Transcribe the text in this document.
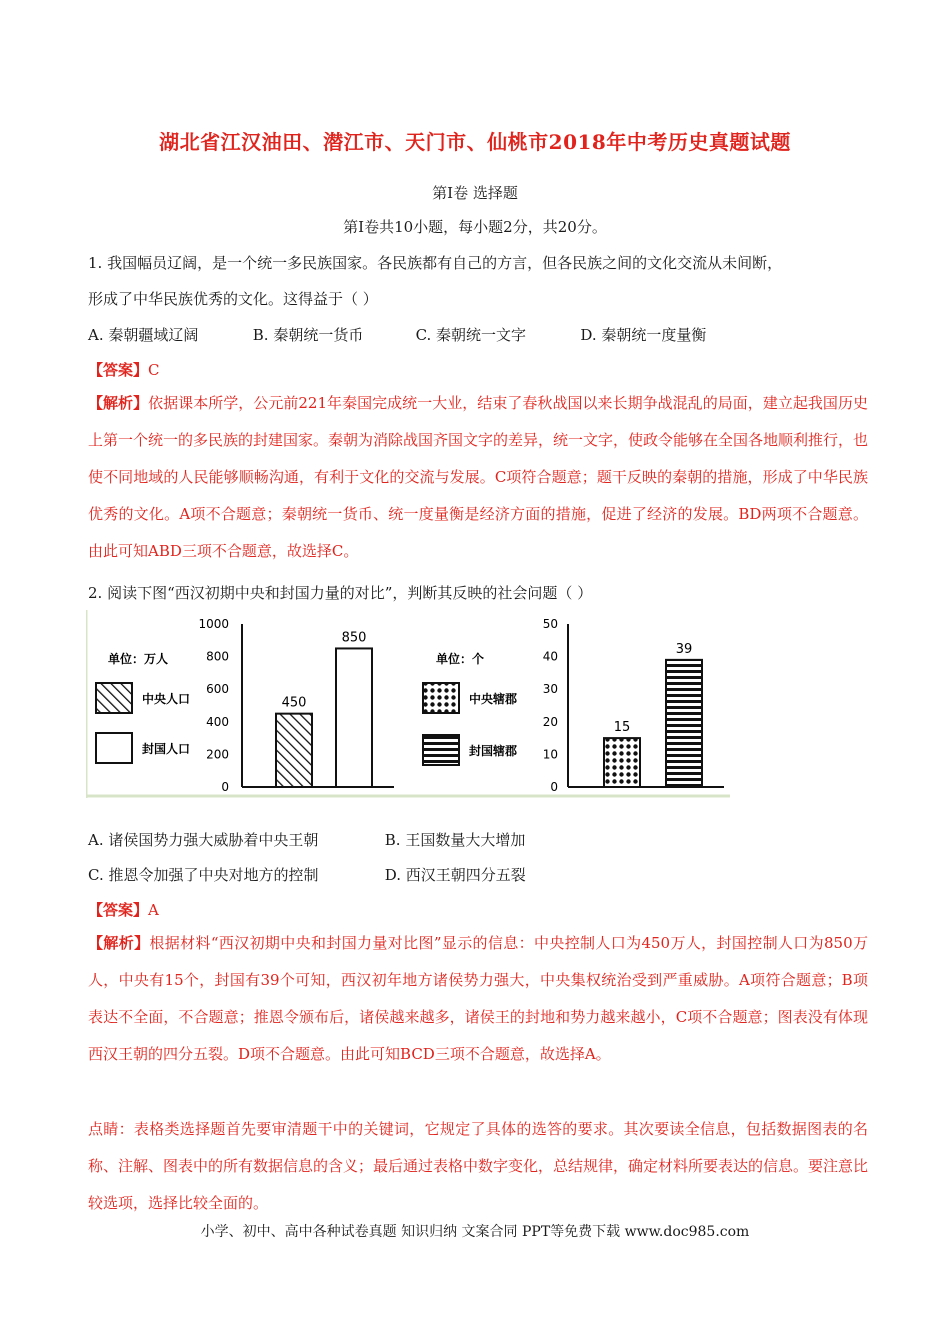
湖北省江汉油田、潜江市、天门市、仙桃市2018年中考历史真题试题
第Ⅰ卷 选择题
第Ⅰ卷共10小题，每小题2分，共20分。
1. 我国幅员辽阔，是一个统一多民族国家。各民族都有自己的方言，但各民族之间的文化交流从未间断，
形成了中华民族优秀的文化。这得益于（ ）
A. 秦朝疆域辽阔	B. 秦朝统一货币	C. 秦朝统一文字	D. 秦朝统一度量衡
【答案】C
【解析】依据课本所学，公元前221年秦国完成统一大业，结束了春秋战国以来长期争战混乱的局面，建立起我国历史上第一个统一的多民族的封建国家。秦朝为消除战国齐国文字的差异，统一文字，使政令能够在全国各地顺利推行，也使不同地域的人民能够顺畅沟通，有利于文化的交流与发展。C项符合题意；题干反映的秦朝的措施，形成了中华民族优秀的文化。A项不合题意；秦朝统一货币、统一度量衡是经济方面的措施，促进了经济的发展。BD两项不合题意。由此可知ABD三项不合题意，故选择C。
2. 阅读下图“西汉初期中央和封国力量的对比”，判断其反映的社会问题（ ）
单位：万人
中央人口
封国人口
0
200
400
600
800
1000
450
850
单位：个
中央辖郡
封国辖郡
0
10
20
30
40
50
15
39
A. 诸侯国势力强大威胁着中央王朝	B. 王国数量大大增加
C. 推恩令加强了中央对地方的控制	D. 西汉王朝四分五裂
【答案】A
【解析】根据材料“西汉初期中央和封国力量对比图”显示的信息：中央控制人口为450万人，封国控制人口为850万人，中央有15个，封国有39个可知，西汉初年地方诸侯势力强大，中央集权统治受到严重威胁。A项符合题意；B项表达不全面，不合题意；推恩令颁布后，诸侯越来越多，诸侯王的封地和势力越来越小，C项不合题意；图表没有体现西汉王朝的四分五裂。D项不合题意。由此可知BCD三项不合题意，故选择A。
点睛：表格类选择题首先要审清题干中的关键词，它规定了具体的选答的要求。其次要读全信息，包括数据图表的名称、注解、图表中的所有数据信息的含义；最后通过表格中数字变化，总结规律，确定材料所要表达的信息。要注意比较选项，选择比较全面的。
小学、初中、高中各种试卷真题 知识归纳 文案合同 PPT等免费下载 www.doc985.com
